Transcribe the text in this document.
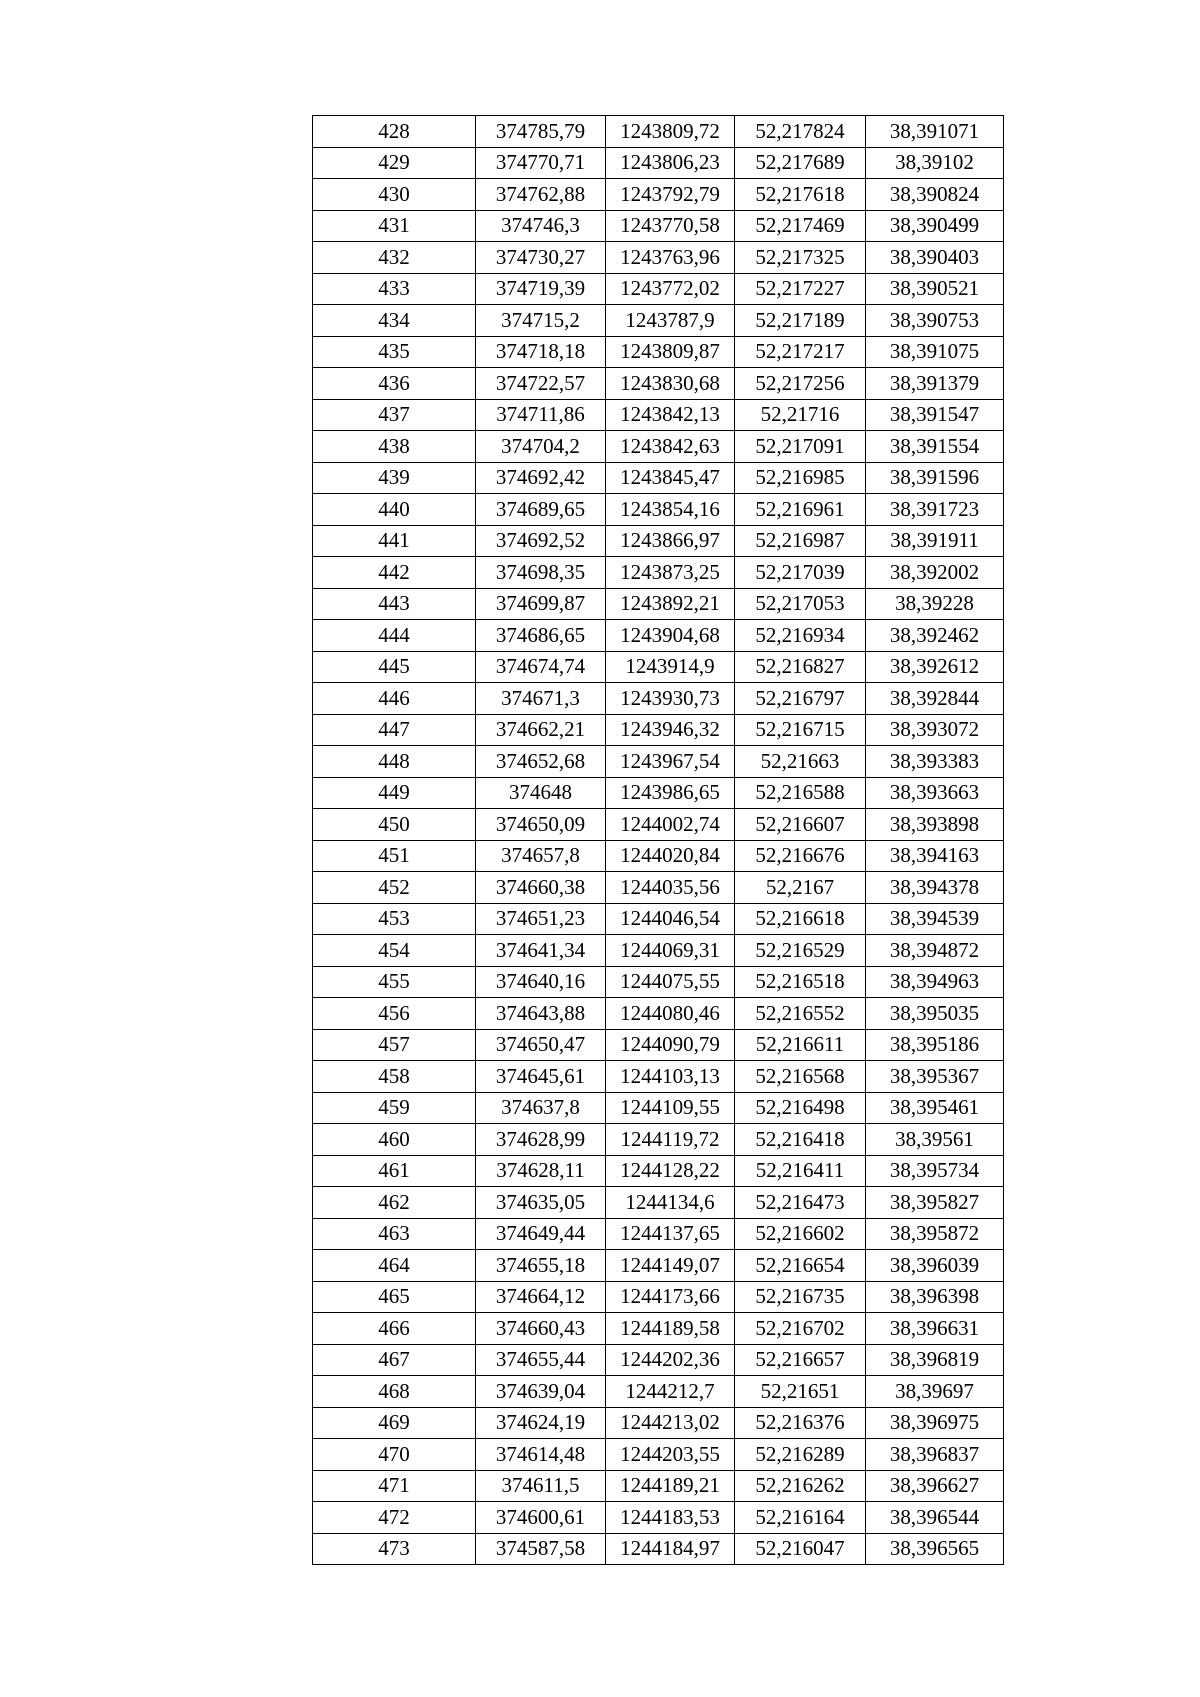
428	374785,79	1243809,72	52,217824	38,391071
429	374770,71	1243806,23	52,217689	38,39102
430	374762,88	1243792,79	52,217618	38,390824
431	374746,3	1243770,58	52,217469	38,390499
432	374730,27	1243763,96	52,217325	38,390403
433	374719,39	1243772,02	52,217227	38,390521
434	374715,2	1243787,9	52,217189	38,390753
435	374718,18	1243809,87	52,217217	38,391075
436	374722,57	1243830,68	52,217256	38,391379
437	374711,86	1243842,13	52,21716	38,391547
438	374704,2	1243842,63	52,217091	38,391554
439	374692,42	1243845,47	52,216985	38,391596
440	374689,65	1243854,16	52,216961	38,391723
441	374692,52	1243866,97	52,216987	38,391911
442	374698,35	1243873,25	52,217039	38,392002
443	374699,87	1243892,21	52,217053	38,39228
444	374686,65	1243904,68	52,216934	38,392462
445	374674,74	1243914,9	52,216827	38,392612
446	374671,3	1243930,73	52,216797	38,392844
447	374662,21	1243946,32	52,216715	38,393072
448	374652,68	1243967,54	52,21663	38,393383
449	374648	1243986,65	52,216588	38,393663
450	374650,09	1244002,74	52,216607	38,393898
451	374657,8	1244020,84	52,216676	38,394163
452	374660,38	1244035,56	52,2167	38,394378
453	374651,23	1244046,54	52,216618	38,394539
454	374641,34	1244069,31	52,216529	38,394872
455	374640,16	1244075,55	52,216518	38,394963
456	374643,88	1244080,46	52,216552	38,395035
457	374650,47	1244090,79	52,216611	38,395186
458	374645,61	1244103,13	52,216568	38,395367
459	374637,8	1244109,55	52,216498	38,395461
460	374628,99	1244119,72	52,216418	38,39561
461	374628,11	1244128,22	52,216411	38,395734
462	374635,05	1244134,6	52,216473	38,395827
463	374649,44	1244137,65	52,216602	38,395872
464	374655,18	1244149,07	52,216654	38,396039
465	374664,12	1244173,66	52,216735	38,396398
466	374660,43	1244189,58	52,216702	38,396631
467	374655,44	1244202,36	52,216657	38,396819
468	374639,04	1244212,7	52,21651	38,39697
469	374624,19	1244213,02	52,216376	38,396975
470	374614,48	1244203,55	52,216289	38,396837
471	374611,5	1244189,21	52,216262	38,396627
472	374600,61	1244183,53	52,216164	38,396544
473	374587,58	1244184,97	52,216047	38,396565
